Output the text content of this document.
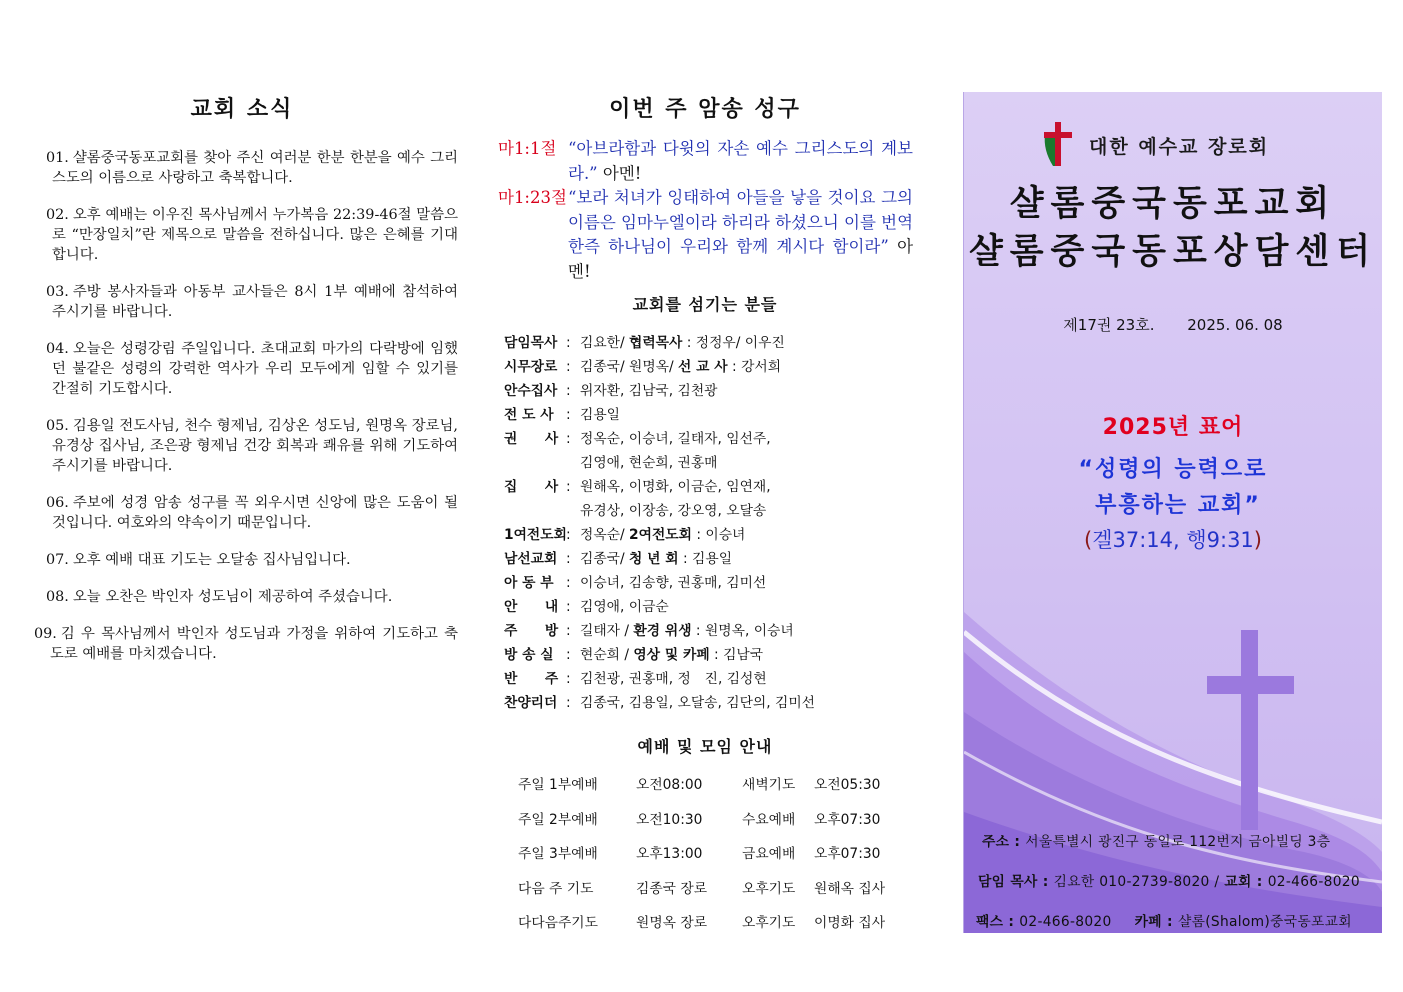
교회 소식
01. 샬롬중국동포교회를 찾아 주신 여러분 한분 한분을 예수 그리스도의 이름으로 사랑하고 축복합니다.
02. 오후 예배는 이우진 목사님께서 누가복음 22:39-46절 말씀으로 “만장일치”란 제목으로 말씀을 전하십니다. 많은 은혜를 기대합니다.
03. 주방 봉사자들과 아동부 교사들은 8시 1부 예배에 참석하여 주시기를 바랍니다.
04. 오늘은 성령강림 주일입니다. 초대교회 마가의 다락방에 임했던 불같은 성령의 강력한 역사가 우리 모두에게 임할 수 있기를 간절히 기도합시다.
05. 김용일 전도사님, 천수 형제님, 김상온 성도님, 원명옥 장로님, 유경상 집사님, 조은광 형제님 건강 회복과 쾌유를 위해 기도하여 주시기를 바랍니다.
06. 주보에 성경 암송 성구를 꼭 외우시면 신앙에 많은 도움이 될 것입니다. 여호와의 약속이기 때문입니다.
07. 오후 예배 대표 기도는 오달송 집사님입니다.
08. 오늘 오찬은 박인자 성도님이 제공하여 주셨습니다.
09. 김 우 목사님께서 박인자 성도님과 가정을 위하여 기도하고 축도로 예배를 마치겠습니다.
이번 주 암송 성구
마1:1절 “아브라함과 다윗의 자손 예수 그리스도의 계보라.” 아멘!
마1:23절 “보라 처녀가 잉태하여 아들을 낳을 것이요 그의 이름은 임마누엘이라 하리라 하셨으니 이를 번역한즉 하나님이 우리와 함께 계시다 함이라” 아멘!
교회를 섬기는 분들
담임목사 : 김요한/ 협력목사 : 정정우/ 이우진
시무장로 : 김종국/ 원명옥/ 선 교 사 : 강서희
안수집사 : 위자환, 김남국, 김천광
전 도 사 : 김용일
권　　사 : 정옥순, 이승녀, 길태자, 임선주,
김영애, 현순희, 권홍매
집　　사 : 원해옥, 이명화, 이금순, 임연재,
유경상, 이장송, 강오영, 오달송
1여전도회 : 정옥순/ 2여전도회 : 이승녀
남선교회 : 김종국/ 청 년 회 : 김용일
아 동 부 : 이승녀, 김송향, 권홍매, 김미선
안　　내 : 김영애, 이금순
주　　방 : 길태자 / 환경 위생 : 원명옥, 이승녀
방 송 실 : 현순희 / 영상 및 카페 : 김남국
반　　주 : 김천광, 권홍매, 정　진, 김성현
찬양리더 : 김종국, 김용일, 오달송, 김단의, 김미선
예배 및 모임 안내
주일 1부예배	오전08:00	새벽기도	오전05:30
주일 2부예배	오전10:30	수요예배	오후07:30
주일 3부예배	오후13:00	금요예배	오후07:30
다음 주 기도	김종국 장로	오후기도	원해옥 집사
다다음주기도	원명옥 장로	오후기도	이명화 집사
대한 예수교 장로회
샬롬중국동포교회
샬롬중국동포상담센터
제17권 23호. 2025. 06. 08
2025년 표어
“성령의 능력으로
부흥하는 교회”
(겔37:14, 행9:31)
주소 : 서울특별시 광진구 동일로 112번지 금아빌딩 3층
담임 목사 : 김요한 010-2739-8020 / 교회 : 02-466-8020
팩스 : 02-466-8020 카페 : 샬롬(Shalom)중국동포교회
